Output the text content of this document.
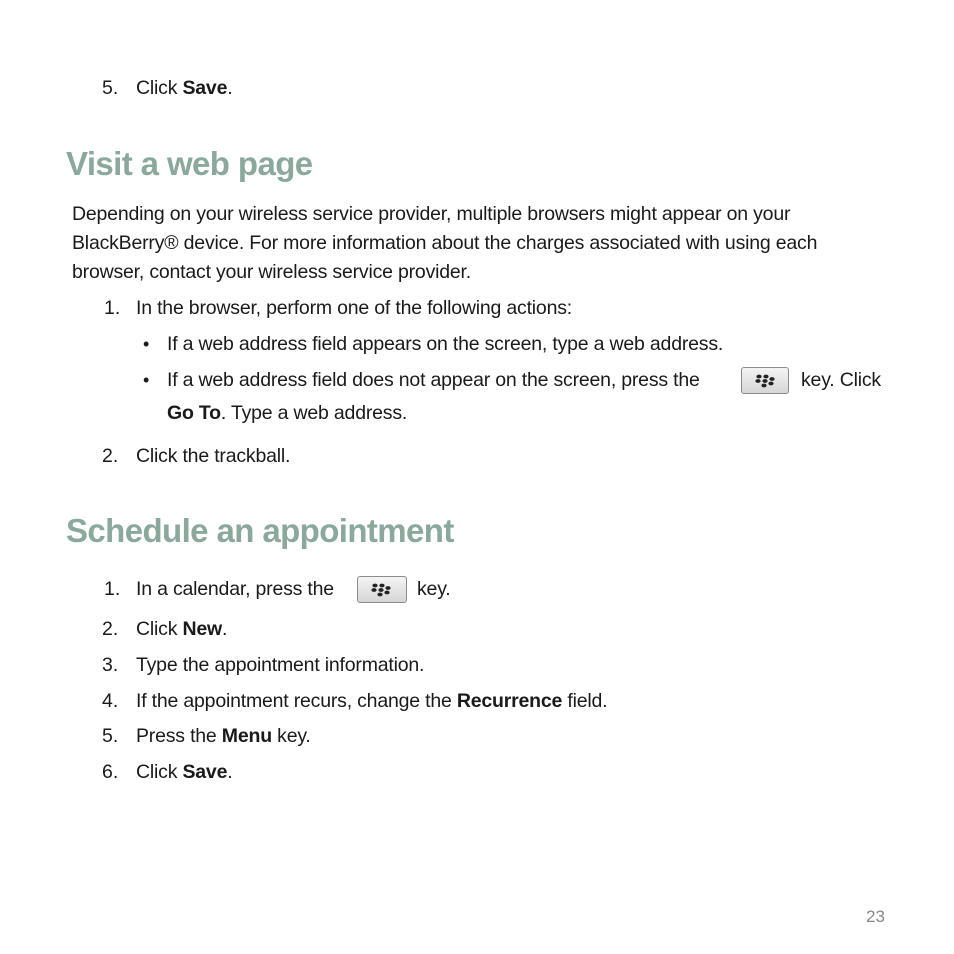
5. Click Save.
Visit a web page
Depending on your wireless service provider, multiple browsers might appear on your
BlackBerry® device. For more information about the charges associated with using each
browser, contact your wireless service provider.
1. In the browser, perform one of the following actions:
• If a web address field appears on the screen, type a web address.
• If a web address field does not appear on the screen, press the	key. Click
Go To. Type a web address.
2. Click the trackball.
Schedule an appointment
1. In a calendar, press the	key.
2. Click New.
3. Type the appointment information.
4. If the appointment recurs, change the Recurrence field.
5. Press the Menu key.
6. Click Save.
23
